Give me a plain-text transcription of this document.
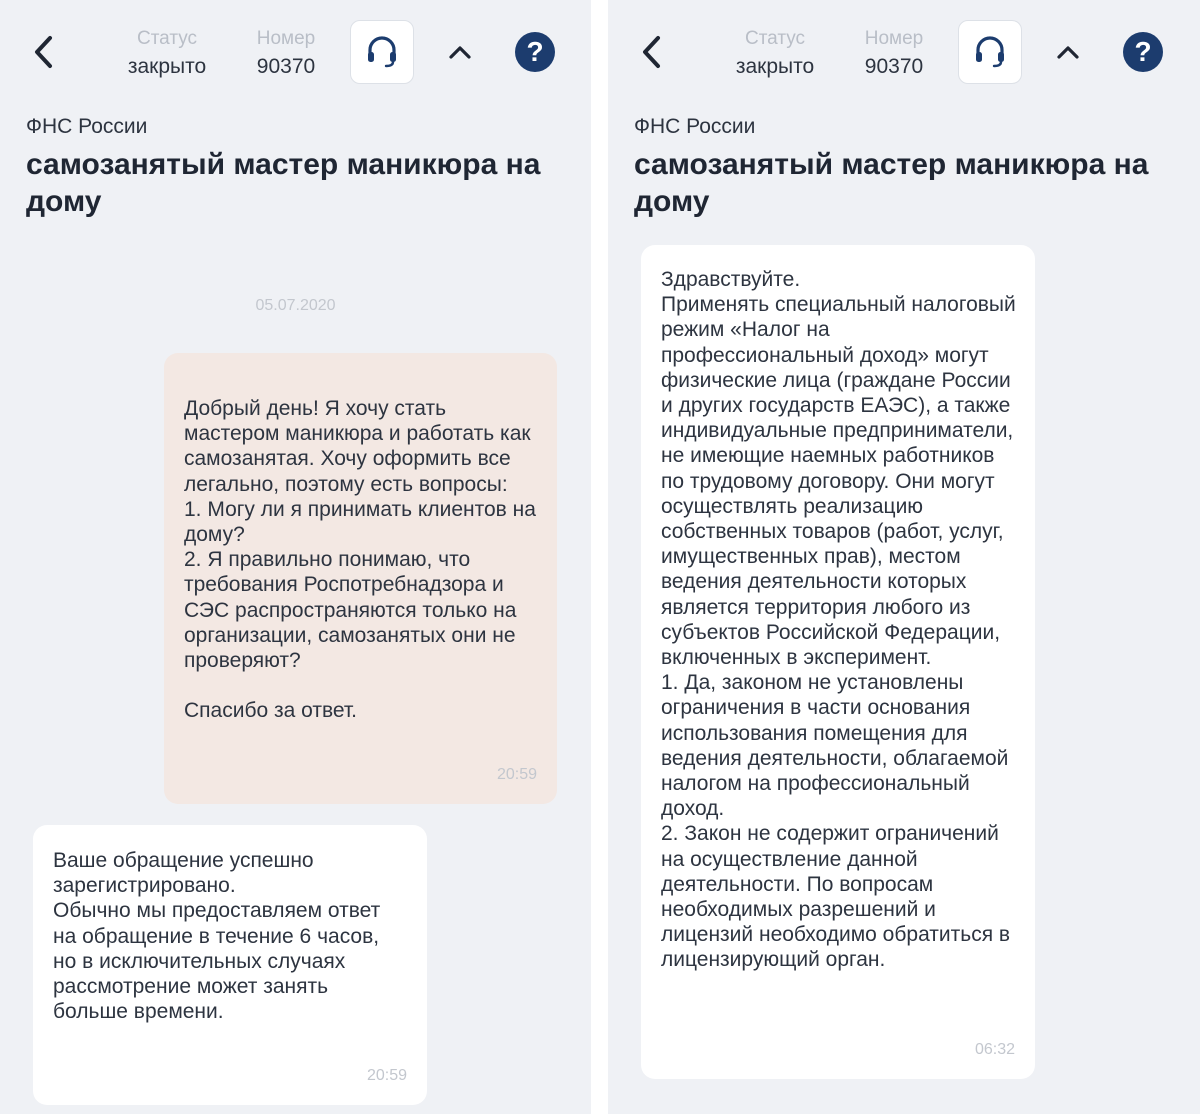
Статус
закрыто
Номер
90370	?
ФНС России
самозанятый мастер маникюра на дому
05.07.2020
Добрый день! Я хочу стать мастером маникюра и работать как самозанятая. Хочу оформить все легально, поэтому есть вопросы:
1. Могу ли я принимать клиентов на дому?
2. Я правильно понимаю, что требования Роспотребнадзора и СЭС распространяются только на организации, самозанятых они не проверяют?

Спасибо за ответ.
20:59
Ваше обращение успешно зарегистрировано.
Обычно мы предоставляем ответ на обращение в течение 6 часов, но в исключительных случаях рассмотрение может занять больше времени.
20:59
Статус
закрыто
Номер
90370	?
ФНС России
самозанятый мастер маникюра на дому
Здравствуйте.
Применять специальный налоговый режим «Налог на профессиональный доход» могут физические лица (граждане России и других государств ЕАЭС), а также индивидуальные предприниматели, не имеющие наемных работников по трудовому договору. Они могут осуществлять реализацию собственных товаров (работ, услуг, имущественных прав), местом ведения деятельности которых является территория любого из субъектов Российской Федерации, включенных в эксперимент.
1. Да, законом не установлены ограничения в части основания использования помещения для ведения деятельности, облагаемой налогом на профессиональный доход.
2. Закон не содержит ограничений на осуществление данной деятельности. По вопросам необходимых разрешений и лицензий необходимо обратиться в лицензирующий орган.
06:32
